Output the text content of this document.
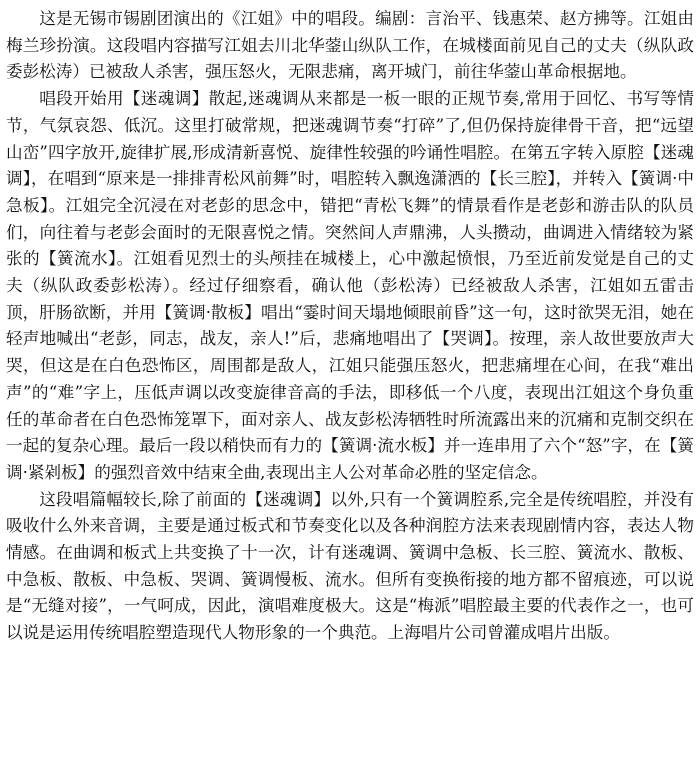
这是无锡市锡剧团演出的《江姐》中的唱段。编剧：言治平、钱惠荣、赵方拂等。江姐由梅兰珍扮演。这段唱内容描写江姐去川北华蓥山纵队工作，在城楼面前见自己的丈夫（纵队政委彭松涛）已被敌人杀害，强压怒火，无限悲痛，离开城门，前往华蓥山革命根据地。

唱段开始用【迷魂调】散起,迷魂调从来都是一板一眼的正规节奏,常用于回忆、书写等情节，气氛哀怨、低沉。这里打破常规，把迷魂调节奏“打碎”了,但仍保持旋律骨干音，把“远望山峦”四字放开,旋律扩展,形成清新喜悦、旋律性较强的吟诵性唱腔。在第五字转入原腔【迷魂调】，在唱到“原来是一排排青松风前舞”时，唱腔转入飘逸潇洒的【长三腔】，并转入【簧调·中急板】。江姐完全沉浸在对老彭的思念中，错把“青松飞舞”的情景看作是老彭和游击队的队员们，向往着与老彭会面时的无限喜悦之情。突然间人声鼎沸，人头攒动，曲调进入情绪较为紧张的【簧流水】。江姐看见烈士的头颅挂在城楼上，心中激起愤恨，乃至近前发觉是自己的丈夫（纵队政委彭松涛）。经过仔细察看，确认他（彭松涛）已经被敌人杀害，江姐如五雷击顶，肝肠欲断，并用【簧调·散板】唱出“霎时间天塌地倾眼前昏”这一句，这时欲哭无泪，她在轻声地喊出“老彭，同志，战友，亲人!”后，悲痛地唱出了【哭调】。按理，亲人故世要放声大哭，但这是在白色恐怖区，周围都是敌人，江姐只能强压怒火，把悲痛埋在心间，在我“难出声”的“难”字上，压低声调以改变旋律音高的手法，即移低一个八度，表现出江姐这个身负重任的革命者在白色恐怖笼罩下，面对亲人、战友彭松涛牺牲时所流露出来的沉痛和克制交织在一起的复杂心理。最后一段以稍快而有力的【簧调·流水板】并一连串用了六个“怒”字，在【簧调·紧剁板】的强烈音效中结束全曲,表现出主人公对革命必胜的坚定信念。

这段唱篇幅较长,除了前面的【迷魂调】以外,只有一个簧调腔系,完全是传统唱腔，并没有吸收什么外来音调，主要是通过板式和节奏变化以及各种润腔方法来表现剧情内容，表达人物情感。在曲调和板式上共变换了十一次，计有迷魂调、簧调中急板、长三腔、簧流水、散板、中急板、散板、中急板、哭调、簧调慢板、流水。但所有变换衔接的地方都不留痕迹，可以说是“无缝对接”，一气呵成，因此，演唱难度极大。这是“梅派”唱腔最主要的代表作之一，也可以说是运用传统唱腔塑造现代人物形象的一个典范。上海唱片公司曾灌成唱片出版。
